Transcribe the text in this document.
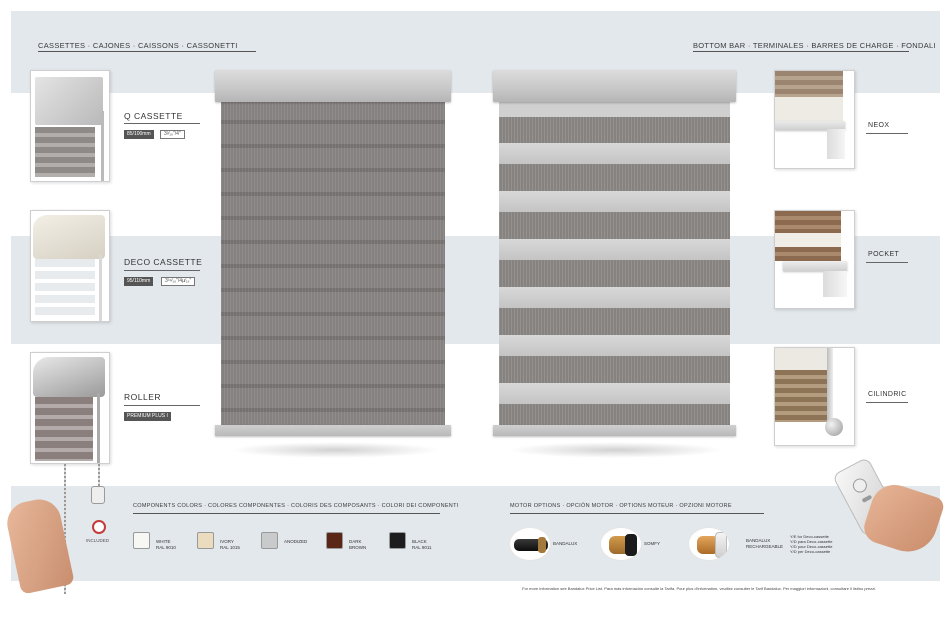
CASSETTES · CAJONES · CAISSONS · CASSONETTI	BOTTOM BAR · TERMINALES · BARRES DE CHARGE · FONDALI
Q CASSETTE
85/100mm	3³⁄₁₆"/4"
DECO CASSETTE
95/110mm	3³⁴⁄₁₆"/4µ⁄₁₆"
ROLLER
PREMIUM PLUS I
NEOX
POCKET
CILINDRIC
INCLUDED
COMPONENTS COLORS · COLORES COMPONENTES · COLORIS DES COMPOSANTS · COLORI DEI COMPONENTI
WHITE
RAL 9010
IVORY
RAL 1015
ANODIZED	DARK
BROWN
BLACK
RAL 9011
MOTOR OPTIONS · OPCIÓN MOTOR · OPTIONS MOTEUR · OPZIONI MOTORE
BANDALUX	SOMFY
BANDALUX
RECHARGEABLE
Y/E for Deco-cassette
Y/D para Deco-cassette
Y/D pour Deco-cassette
Y/D per Deco-cassette
For more information see Bandalux Price List. Para más información consulte la Tarifa. Pour plus d'information, veuillez consulter le Tarif Bandalux. Per maggiori informazioni, consultare il listino prezzi.
